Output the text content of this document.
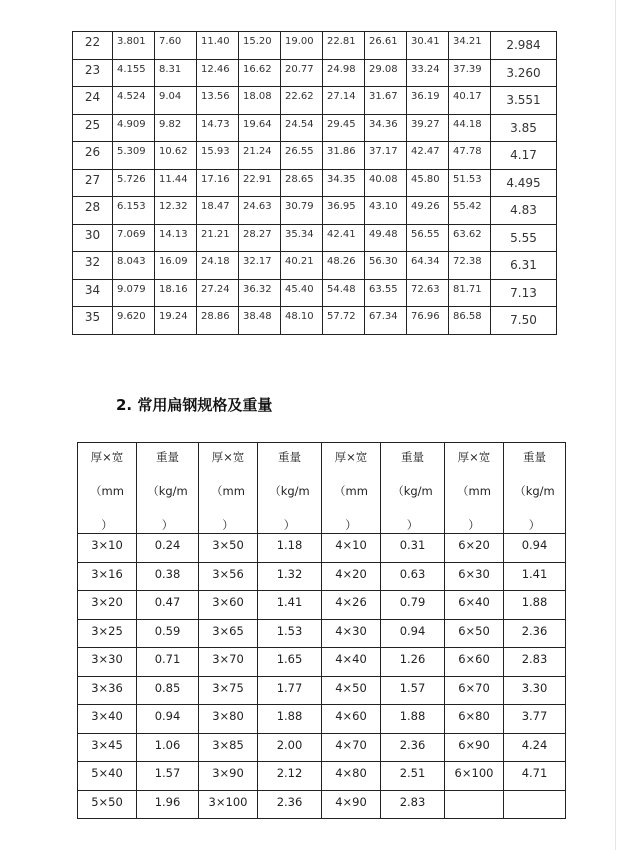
22	3.801	7.60	11.40	15.20	19.00	22.81	26.61	30.41	34.21	2.984
23	4.155	8.31	12.46	16.62	20.77	24.98	29.08	33.24	37.39	3.260
24	4.524	9.04	13.56	18.08	22.62	27.14	31.67	36.19	40.17	3.551
25	4.909	9.82	14.73	19.64	24.54	29.45	34.36	39.27	44.18	3.85
26	5.309	10.62	15.93	21.24	26.55	31.86	37.17	42.47	47.78	4.17
27	5.726	11.44	17.16	22.91	28.65	34.35	40.08	45.80	51.53	4.495
28	6.153	12.32	18.47	24.63	30.79	36.95	43.10	49.26	55.42	4.83
30	7.069	14.13	21.21	28.27	35.34	42.41	49.48	56.55	63.62	5.55
32	8.043	16.09	24.18	32.17	40.21	48.26	56.30	64.34	72.38	6.31
34	9.079	18.16	27.24	36.32	45.40	54.48	63.55	72.63	81.71	7.13
35	9.620	19.24	28.86	38.48	48.10	57.72	67.34	76.96	86.58	7.50
2. 常用扁钢规格及重量
厚×宽
（mm
）	重量
（kg/m
）	厚×宽
（mm
）	重量
（kg/m
）	厚×宽
（mm
）	重量
（kg/m
）	厚×宽
（mm
）	重量
（kg/m
）

3×10	0.24	3×50	1.18	4×10	0.31	6×20	0.94
3×16	0.38	3×56	1.32	4×20	0.63	6×30	1.41
3×20	0.47	3×60	1.41	4×26	0.79	6×40	1.88
3×25	0.59	3×65	1.53	4×30	0.94	6×50	2.36
3×30	0.71	3×70	1.65	4×40	1.26	6×60	2.83
3×36	0.85	3×75	1.77	4×50	1.57	6×70	3.30
3×40	0.94	3×80	1.88	4×60	1.88	6×80	3.77
3×45	1.06	3×85	2.00	4×70	2.36	6×90	4.24
5×40	1.57	3×90	2.12	4×80	2.51	6×100	4.71
5×50	1.96	3×100	2.36	4×90	2.83		
